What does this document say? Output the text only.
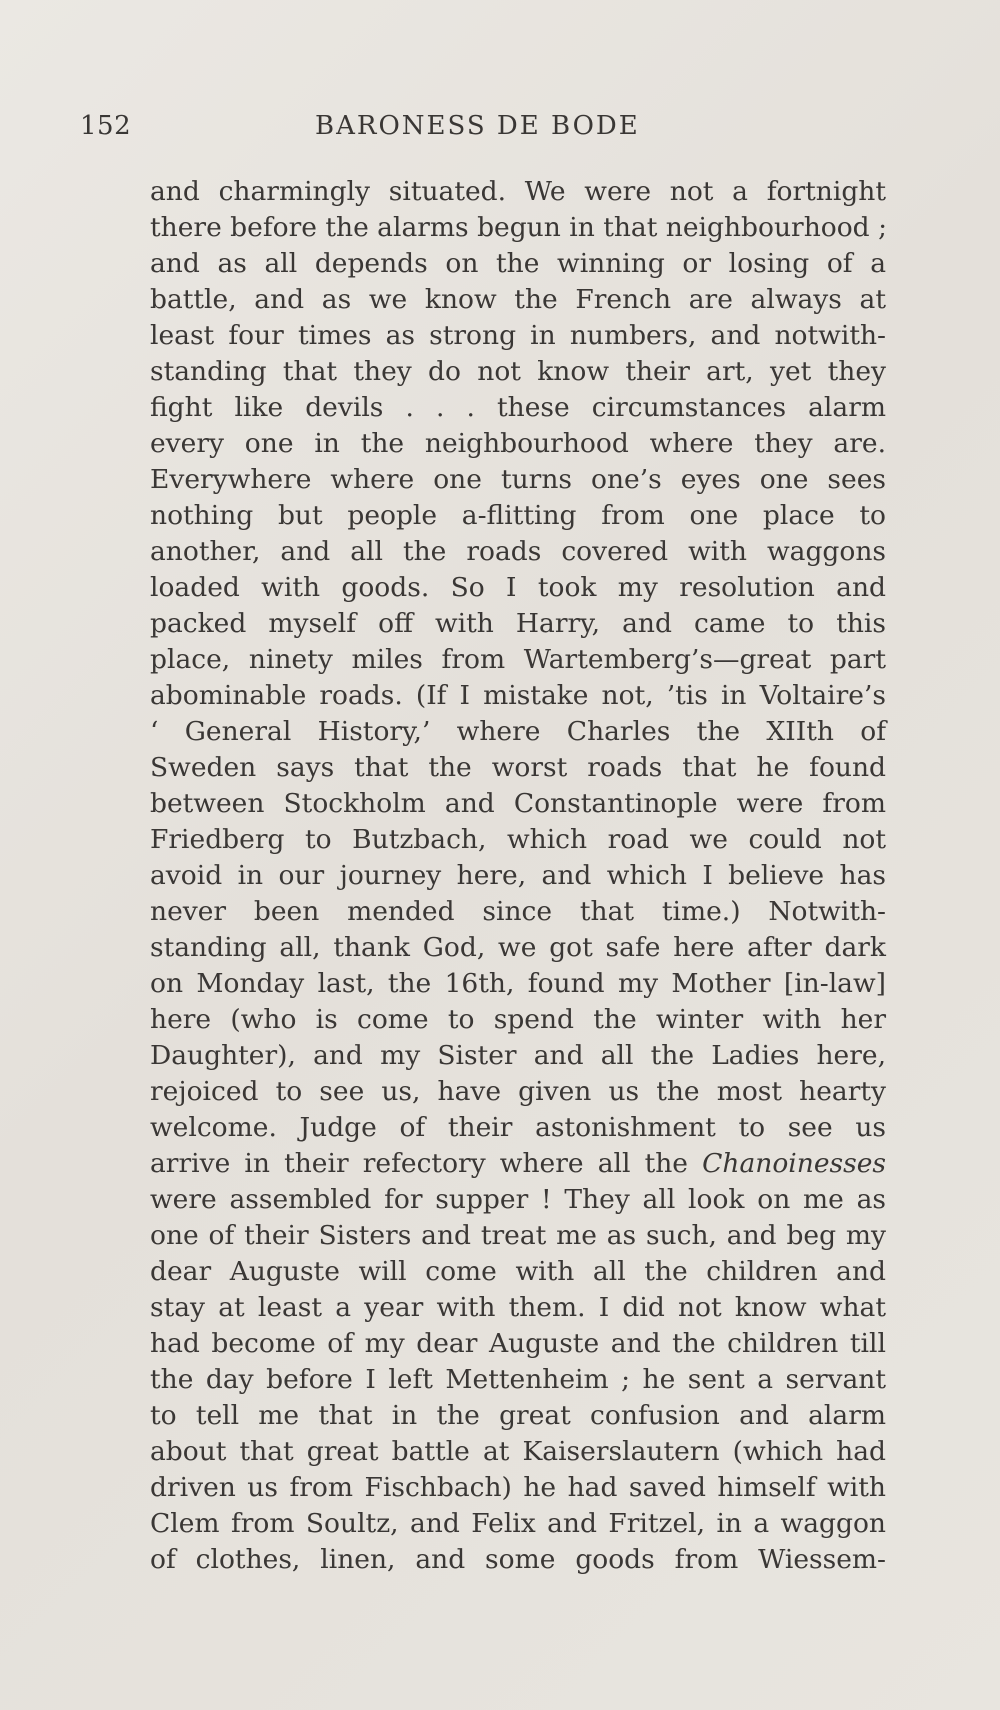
152	BARONESS DE BODE
and charmingly situated. We were not a fortnight
there before the alarms begun in that neighbourhood ;
and as all depends on the winning or losing of a
battle, and as we know the French are always at
least four times as strong in numbers, and notwith-
standing that they do not know their art, yet they
fight like devils . . . these circumstances alarm
every one in the neighbourhood where they are.
Everywhere where one turns one’s eyes one sees
nothing but people a-flitting from one place to
another, and all the roads covered with waggons
loaded with goods. So I took my resolution and
packed myself off with Harry, and came to this
place, ninety miles from Wartemberg’s—great part
abominable roads. (If I mistake not, ’tis in Voltaire’s
‘ General History,’ where Charles the XIIth of
Sweden says that the worst roads that he found
between Stockholm and Constantinople were from
Friedberg to Butzbach, which road we could not
avoid in our journey here, and which I believe has
never been mended since that time.) Notwith-
standing all, thank God, we got safe here after dark
on Monday last, the 16th, found my Mother [in-law]
here (who is come to spend the winter with her
Daughter), and my Sister and all the Ladies here,
rejoiced to see us, have given us the most hearty
welcome. Judge of their astonishment to see us
arrive in their refectory where all the Chanoinesses
were assembled for supper ! They all look on me as
one of their Sisters and treat me as such, and beg my
dear Auguste will come with all the children and
stay at least a year with them. I did not know what
had become of my dear Auguste and the children till
the day before I left Mettenheim ; he sent a servant
to tell me that in the great confusion and alarm
about that great battle at Kaiserslautern (which had
driven us from Fischbach) he had saved himself with
Clem from Soultz, and Felix and Fritzel, in a waggon
of clothes, linen, and some goods from Wiessem-
